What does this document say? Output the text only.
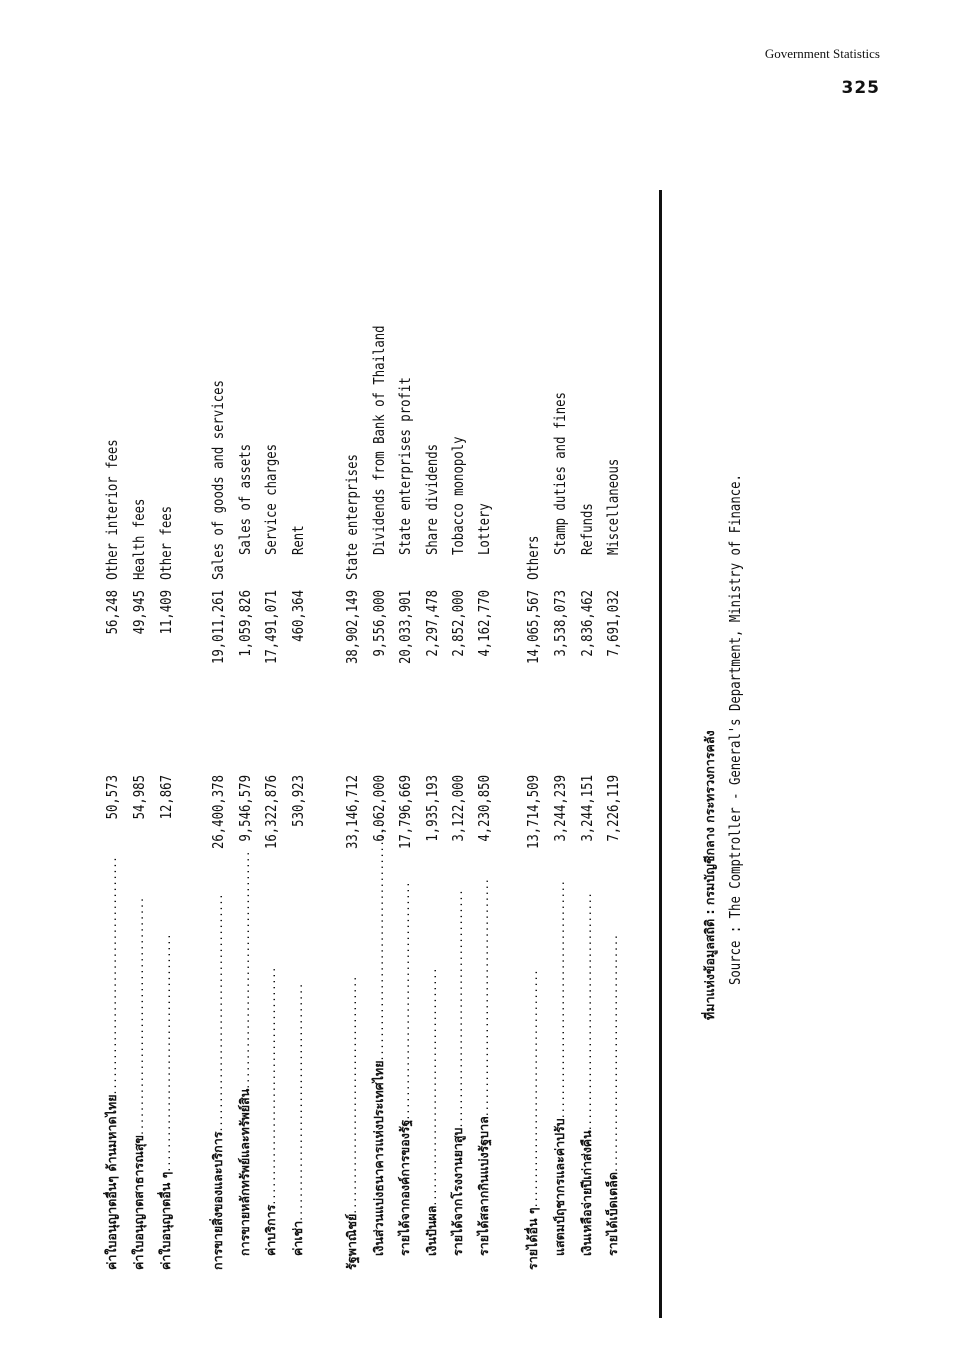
Government Statistics
325
ค่าใบอนุญาตอื่นๆ ด้านมหาดไทย........................................
50,573
56,248
Other interior fees
ค่าใบอนุญาตสาธารณสุข........................................
54,985
49,945
Health fees
ค่าใบอนุญาตอื่น ๆ........................................
12,867
11,409
Other fees
การขายสิ่งของและบริการ........................................
26,400,378
19,011,261
Sales of goods and services
การขายหลักทรัพย์และทรัพย์สิน........................................
9,546,579
1,059,826
Sales of assets
ค่าบริการ........................................
16,322,876
17,491,071
Service charges
ค่าเช่า........................................
530,923
460,364
Rent
รัฐพาณิชย์........................................
33,146,712
38,902,149
State enterprises
เงินส่วนแบ่งธนาคารแห่งประเทศไทย........................................
6,062,000
9,556,000
Dividends from Bank of Thailand
รายได้จากองค์การของรัฐ........................................
17,796,669
20,033,901
State enterprises profit
เงินปันผล........................................
1,935,193
2,297,478
Share dividends
รายได้จากโรงงานยาสูบ........................................
3,122,000
2,852,000
Tobacco monopoly
รายได้สลากกินแบ่งรัฐบาล........................................
4,230,850
4,162,770
Lottery
รายได้อื่น ๆ........................................
13,714,509
14,065,567
Others
แสตมป์ฤชากรและค่าปรับ........................................
3,244,239
3,538,073
Stamp duties and fines
เงินเหลือจ่ายปีเก่าส่งคืน........................................
3,244,151
2,836,462
Refunds
รายได้เบ็ดเตล็ด........................................
7,226,119
7,691,032
Miscellaneous
ที่มาแห่งข้อมูลสถิติ : กรมบัญชีกลาง กระทรวงการคลัง Source : The Comptroller - General's Department, Ministry of Finance.
